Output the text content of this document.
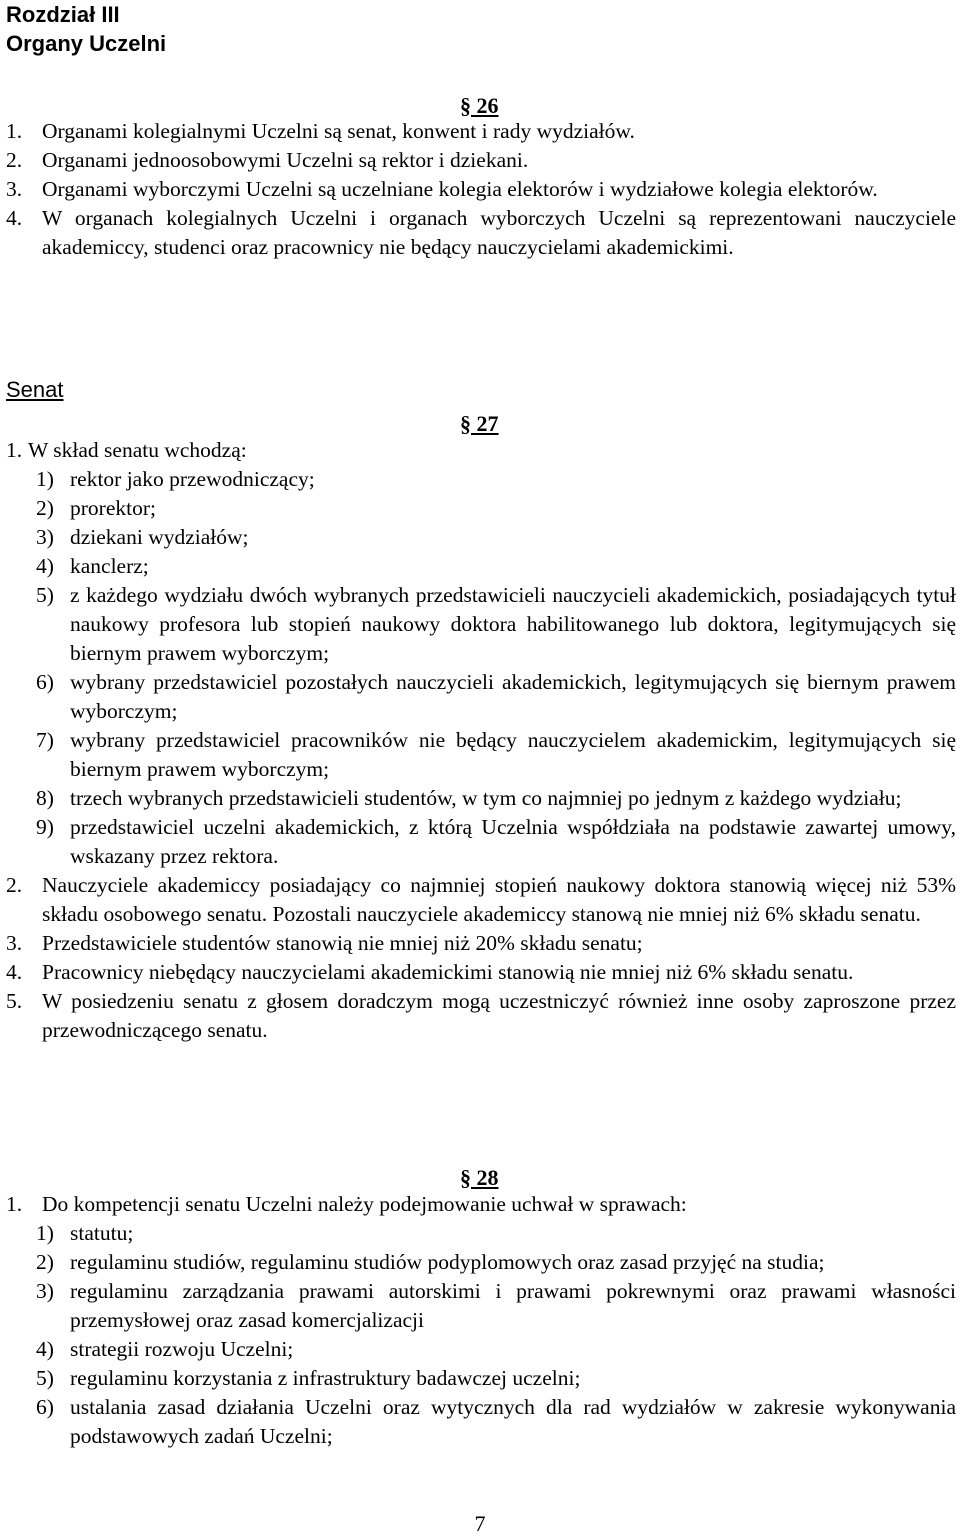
Rozdział III
Organy Uczelni
§ 26
1. Organami kolegialnymi Uczelni są senat, konwent i rady wydziałów.
2. Organami jednoosobowymi Uczelni są rektor i dziekani.
3. Organami wyborczymi Uczelni są uczelniane kolegia elektorów i wydziałowe kolegia elektorów.
4. W organach kolegialnych Uczelni i organach wyborczych Uczelni są reprezentowani nauczyciele akademiccy, studenci oraz pracownicy nie będący nauczycielami akademickimi.
Senat
§ 27
1. W skład senatu wchodzą:
1) rektor jako przewodniczący;
2) prorektor;
3) dziekani wydziałów;
4) kanclerz;
5) z każdego wydziału dwóch wybranych przedstawicieli nauczycieli akademickich, posiadających tytuł naukowy profesora lub stopień naukowy doktora habilitowanego lub doktora, legitymujących się biernym prawem wyborczym;
6) wybrany przedstawiciel pozostałych nauczycieli akademickich, legitymujących się biernym prawem wyborczym;
7) wybrany przedstawiciel pracowników nie będący nauczycielem akademickim, legitymujących się biernym prawem wyborczym;
8) trzech wybranych przedstawicieli studentów, w tym co najmniej po jednym z każdego wydziału;
9) przedstawiciel uczelni akademickich, z którą Uczelnia współdziała na podstawie zawartej umowy, wskazany przez rektora.
2. Nauczyciele akademiccy posiadający co najmniej stopień naukowy doktora stanowią więcej niż 53% składu osobowego senatu. Pozostali nauczyciele akademiccy stanową nie mniej niż 6% składu senatu.
3. Przedstawiciele studentów stanowią nie mniej niż 20% składu senatu;
4. Pracownicy niebędący nauczycielami akademickimi stanowią nie mniej niż 6% składu senatu.
5. W posiedzeniu senatu z głosem doradczym mogą uczestniczyć również inne osoby zaproszone przez przewodniczącego senatu.
§ 28
1. Do kompetencji senatu Uczelni należy podejmowanie uchwał w sprawach:
1) statutu;
2) regulaminu studiów, regulaminu studiów podyplomowych oraz zasad przyjęć na studia;
3) regulaminu zarządzania prawami autorskimi i prawami pokrewnymi oraz prawami własności przemysłowej oraz zasad komercjalizacji
4) strategii rozwoju Uczelni;
5) regulaminu korzystania z infrastruktury badawczej uczelni;
6) ustalania zasad działania Uczelni oraz wytycznych dla rad wydziałów w zakresie wykonywania podstawowych zadań Uczelni;
7
